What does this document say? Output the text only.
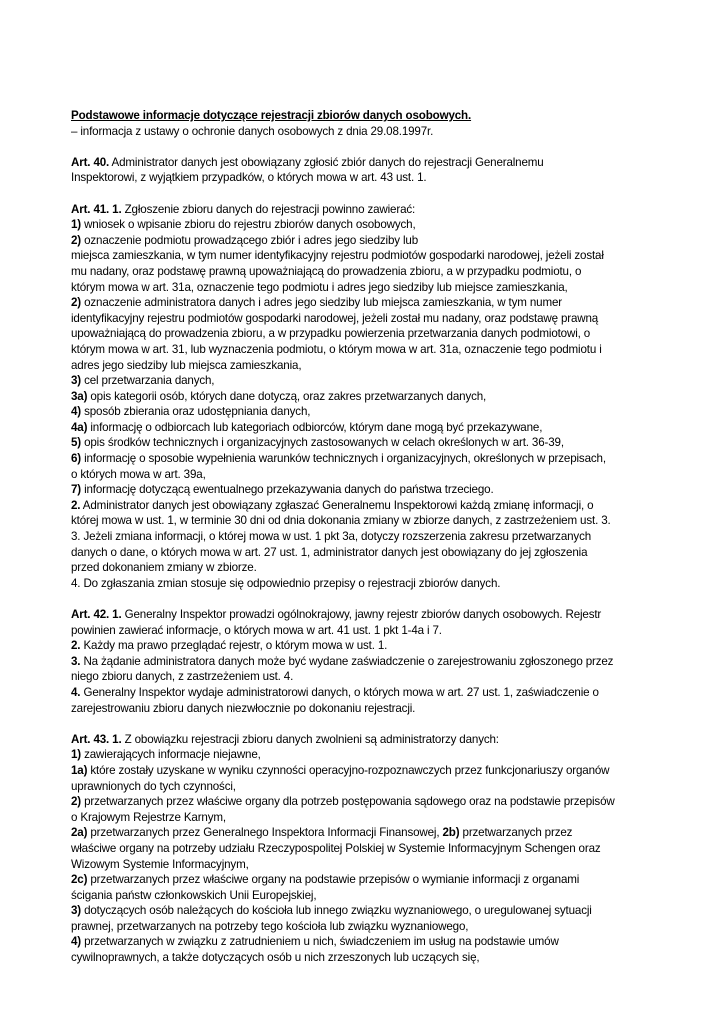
Podstawowe informacje dotyczące rejestracji zbiorów danych osobowych.
– informacja z ustawy o ochronie danych osobowych z dnia 29.08.1997r.
Art. 40. Administrator danych jest obowiązany zgłosić zbiór danych do rejestracji Generalnemu
Inspektorowi, z wyjątkiem przypadków, o których mowa w art. 43 ust. 1.
Art. 41. 1. Zgłoszenie zbioru danych do rejestracji powinno zawierać:
1) wniosek o wpisanie zbioru do rejestru zbiorów danych osobowych,
2) oznaczenie podmiotu prowadzącego zbiór i adres jego siedziby lub
miejsca zamieszkania, w tym numer identyfikacyjny rejestru podmiotów gospodarki narodowej, jeżeli został
mu nadany, oraz podstawę prawną upoważniającą do prowadzenia zbioru, a w przypadku podmiotu, o
którym mowa w art. 31a, oznaczenie tego podmiotu i adres jego siedziby lub miejsce zamieszkania,
2) oznaczenie administratora danych i adres jego siedziby lub miejsca zamieszkania, w tym numer
identyfikacyjny rejestru podmiotów gospodarki narodowej, jeżeli został mu nadany, oraz podstawę prawną
upoważniającą do prowadzenia zbioru, a w przypadku powierzenia przetwarzania danych podmiotowi, o
którym mowa w art. 31, lub wyznaczenia podmiotu, o którym mowa w art. 31a, oznaczenie tego podmiotu i
adres jego siedziby lub miejsca zamieszkania,
3) cel przetwarzania danych,
3a) opis kategorii osób, których dane dotyczą, oraz zakres przetwarzanych danych,
4) sposób zbierania oraz udostępniania danych,
4a) informację o odbiorcach lub kategoriach odbiorców, którym dane mogą być przekazywane,
5) opis środków technicznych i organizacyjnych zastosowanych w celach określonych w art. 36-39,
6) informację o sposobie wypełnienia warunków technicznych i organizacyjnych, określonych w przepisach,
o których mowa w art. 39a,
7) informację dotyczącą ewentualnego przekazywania danych do państwa trzeciego.
2. Administrator danych jest obowiązany zgłaszać Generalnemu Inspektorowi każdą zmianę informacji, o
której mowa w ust. 1, w terminie 30 dni od dnia dokonania zmiany w zbiorze danych, z zastrzeżeniem ust. 3.
3. Jeżeli zmiana informacji, o której mowa w ust. 1 pkt 3a, dotyczy rozszerzenia zakresu przetwarzanych
danych o dane, o których mowa w art. 27 ust. 1, administrator danych jest obowiązany do jej zgłoszenia
przed dokonaniem zmiany w zbiorze.
4. Do zgłaszania zmian stosuje się odpowiednio przepisy o rejestracji zbiorów danych.
Art. 42. 1. Generalny Inspektor prowadzi ogólnokrajowy, jawny rejestr zbiorów danych osobowych. Rejestr
powinien zawierać informacje, o których mowa w art. 41 ust. 1 pkt 1-4a i 7.
2. Każdy ma prawo przeglądać rejestr, o którym mowa w ust. 1.
3. Na żądanie administratora danych może być wydane zaświadczenie o zarejestrowaniu zgłoszonego przez
niego zbioru danych, z zastrzeżeniem ust. 4.
4. Generalny Inspektor wydaje administratorowi danych, o których mowa w art. 27 ust. 1, zaświadczenie o
zarejestrowaniu zbioru danych niezwłocznie po dokonaniu rejestracji.
Art. 43. 1. Z obowiązku rejestracji zbioru danych zwolnieni są administratorzy danych:
1) zawierających informacje niejawne,
1a) które zostały uzyskane w wyniku czynności operacyjno-rozpoznawczych przez funkcjonariuszy organów
uprawnionych do tych czynności,
2) przetwarzanych przez właściwe organy dla potrzeb postępowania sądowego oraz na podstawie przepisów
o Krajowym Rejestrze Karnym,
2a) przetwarzanych przez Generalnego Inspektora Informacji Finansowej, 2b) przetwarzanych przez
właściwe organy na potrzeby udziału Rzeczypospolitej Polskiej w Systemie Informacyjnym Schengen oraz
Wizowym Systemie Informacyjnym,
2c) przetwarzanych przez właściwe organy na podstawie przepisów o wymianie informacji z organami
ścigania państw członkowskich Unii Europejskiej,
3) dotyczących osób należących do kościoła lub innego związku wyznaniowego, o uregulowanej sytuacji
prawnej, przetwarzanych na potrzeby tego kościoła lub związku wyznaniowego,
4) przetwarzanych w związku z zatrudnieniem u nich, świadczeniem im usług na podstawie umów
cywilnoprawnych, a także dotyczących osób u nich zrzeszonych lub uczących się,
